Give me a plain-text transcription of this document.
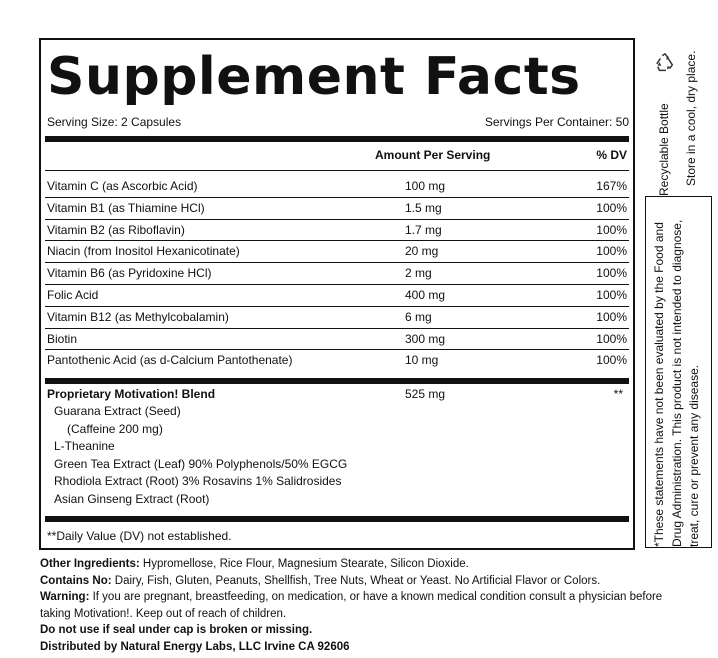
Supplement Facts
Serving Size: 2 Capsules	Servings Per Container: 50
Amount Per Serving	% DV
Vitamin C (as Ascorbic Acid)	100 mg	167%
Vitamin B1 (as Thiamine HCl)	1.5 mg	100%
Vitamin B2 (as Riboflavin)	1.7 mg	100%
Niacin (from Inositol Hexanicotinate)	20 mg	100%
Vitamin B6 (as Pyridoxine HCl)	2 mg	100%
Folic Acid	400 mg	100%
Vitamin B12 (as Methylcobalamin)	6 mg	100%
Biotin	300 mg	100%
Pantothenic Acid (as d-Calcium Pantothenate)	10 mg	100%
Proprietary Motivation! Blend	525 mg	**
Guarana Extract (Seed)
(Caffeine 200 mg)
L-Theanine
Green Tea Extract (Leaf) 90% Polyphenols/50% EGCG
Rhodiola Extract (Root) 3% Rosavins 1% Salidrosides
Asian Ginseng Extract (Root)
**Daily Value (DV) not established.
Other Ingredients: Hypromellose, Rice Flour, Magnesium Stearate, Silicon Dioxide.
Contains No: Dairy, Fish, Gluten, Peanuts, Shellfish, Tree Nuts, Wheat or Yeast. No Artificial Flavor or Colors.
Warning: If you are pregnant, breastfeeding, on medication, or have a known medical condition consult a physician before taking Motivation!. Keep out of reach of children.
Do not use if seal under cap is broken or missing.
Distributed by Natural Energy Labs, LLC Irvine CA 92606
Recyclable Bottle Store in a cool, dry place.
*These statements have not been evaluated by the Food and Drug Administration. This product is not intended to diagnose, treat, cure or prevent any disease.
